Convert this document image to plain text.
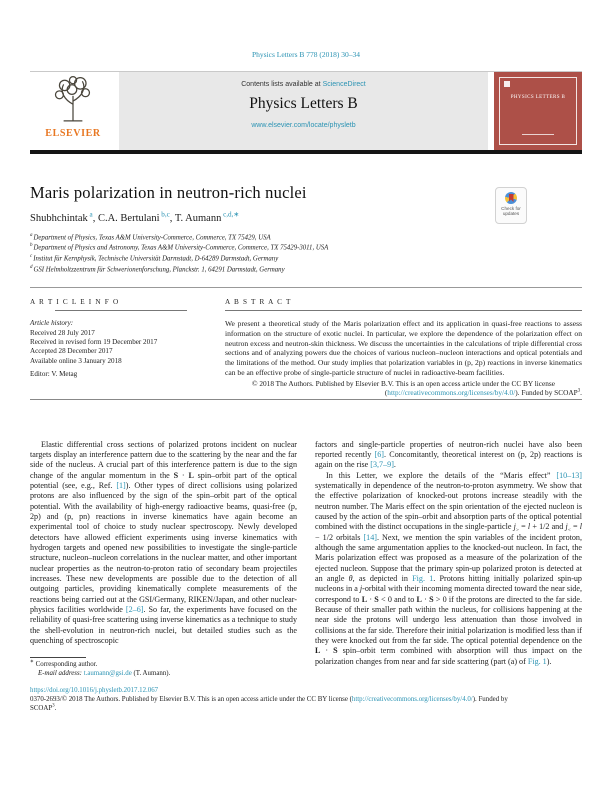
Physics Letters B 778 (2018) 30–34
ELSEVIER
Contents lists available at ScienceDirect
Physics Letters B
www.elsevier.com/locate/physletb
PHYSICS LETTERS B
Maris polarization in neutron-rich nuclei
Check for updates
Shubhchintak $^a$, C.A. Bertulani $^{b,c}$, T. Aumann $^{c,d,∗}$
$^a$Department of Physics, Texas A&M University-Commerce, Commerce, TX 75429, USA
$^b$Department of Physics and Astronomy, Texas A&M University-Commerce, Commerce, TX 75429-3011, USA
$^c$Institut für Kernphysik, Technische Universität Darmstadt, D-64289 Darmstadt, Germany
$^d$GSI Helmholtzzentrum für Schwerionenforschung, Planckstr. 1, 64291 Darmstadt, Germany
A R T I C L E I N F O
Article history:
Received 28 July 2017
Received in revised form 19 December 2017
Accepted 28 December 2017
Available online 3 January 2018
Editor: V. Metag
A B S T R A C T
We present a theoretical study of the Maris polarization effect and its application in quasi-free reactions to assess information on the structure of exotic nuclei. In particular, we explore the dependence of the polarization effect on neutron excess and neutron-skin thickness. We discuss the uncertainties in the calculations of triple differential cross sections and of analyzing powers due the choices of various nucleon–nucleon interactions and optical potentials and the limitations of the method. Our study implies that polarization variables in (p, 2p) reactions in inverse kinematics can be an effective probe of single-particle structure of nuclei in radioactive-beam facilities.
© 2018 The Authors. Published by Elsevier B.V. This is an open access article under the CC BY license
(http://creativecommons.org/licenses/by/4.0/). Funded by SCOAP$^3$.

Elastic differential cross sections of polarized protons incident on nuclear targets display an interference pattern due to the scattering by the near and the far side of the nucleus. A crucial part of this interference pattern is due to the sign change of the angular momentum in the S · L spin–orbit part of the optical potential (see, e.g., Ref. [1]). Other types of direct collisions using polarized protons are also influenced by the sign of the spin–orbit part of the optical potential. With the availability of high-energy radioactive beams, quasi-free (p, 2p) and (p, pn) reactions in inverse kinematics have again become an experimental tool of choice to study nuclear spectroscopy. Newly developed detectors have allowed efficient experiments using inverse kinematics with hydrogen targets and opened new possibilities to investigate the single-particle structure, nucleon–nucleon correlations in the nuclear matter, and other important nuclear properties as the neutron-to-proton ratio of secondary beam projectiles increases. These new developments are possible due to the detection of all outgoing particles, providing kinematically complete measurements of the reactions being carried out at the GSI/Germany, RIKEN/Japan, and other nuclear-physics facilities worldwide [2–6]. So far, the experiments have focused on the reliability of quasi-free scattering using inverse kinematics as a technique to study the shell-evolution in neutron-rich nuclei, but detailed studies such as the quenching of spectroscopic

∗ Corresponding author.
E-mail address: t.aumann@gsi.de (T. Aumann).

factors and single-particle properties of neutron-rich nuclei have also been reported recently [6]. Concomitantly, theoretical interest on (p, 2p) reactions is again on the rise [3,7–9].

In this Letter, we explore the details of the “Maris effect” [10–13] systematically in dependence of the neutron-to-proton asymmetry. We show that the effective polarization of knocked-out protons increase steadily with the neutron number. The Maris effect on the spin orientation of the ejected nucleon is caused by the action of the spin–orbit and absorption parts of the optical potential combined with the distinct occupations in the single-particle $j_> = l + 1/2$ and $j_< = l - 1/2$ orbitals [14]. Next, we mention the spin variables of the incident proton, although the same argumentation applies to the knocked-out nucleon. In fact, the Maris polarization effect was proposed as a measure of the polarization of the ejected nucleon. Suppose that the primary spin-up polarized proton is detected at an angle θ, as depicted in Fig. 1. Protons hitting initially polarized spin-up nucleons in a j-orbital with their incoming momenta directed toward the near side, correspond to L · S < 0 and to L · S > 0 if the protons are directed to the far side. Because of their smaller path within the nucleus, for collisions happening at the near side the protons will undergo less attenuation than those involved in collisions at the far side. Therefore their initial polarization is modified less than if they were knocked out from the far side. The optical potential dependence on the L · S spin–orbit term combined with absorption will thus impact on the polarization changes from near and far side scattering (part (a) of Fig. 1).

https://doi.org/10.1016/j.physletb.2017.12.067
0370-2693/© 2018 The Authors. Published by Elsevier B.V. This is an open access article under the CC BY license (http://creativecommons.org/licenses/by/4.0/). Funded by
SCOAP$^3$.
